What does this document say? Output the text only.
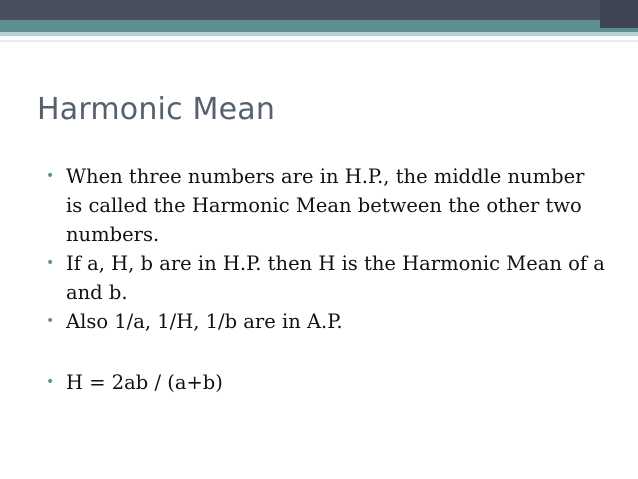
Harmonic Mean
• When three numbers are in H.P., the middle number is called the Harmonic Mean between the other two numbers.
• If a, H, b are in H.P. then H is the Harmonic Mean of a and b.
• Also 1/a, 1/H, 1/b are in A.P.
• H = 2ab / (a+b)
